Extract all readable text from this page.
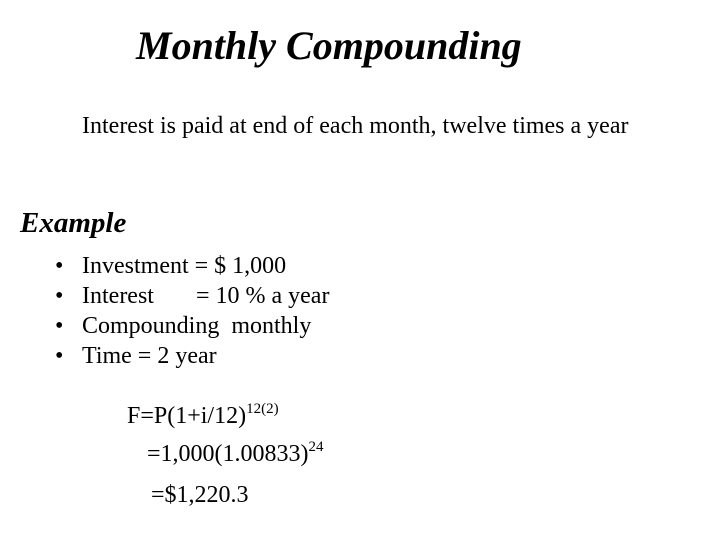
Monthly Compounding

Interest is paid at end of each month, twelve times a year

Example
• Investment = $ 1,000
• Interest       = 10 % a year
• Compounding  monthly
• Time = 2 year
$F=P(1+i/12)^{12(2)}$
$=1,000(1.00833)^{24}$
=$1,220.3
